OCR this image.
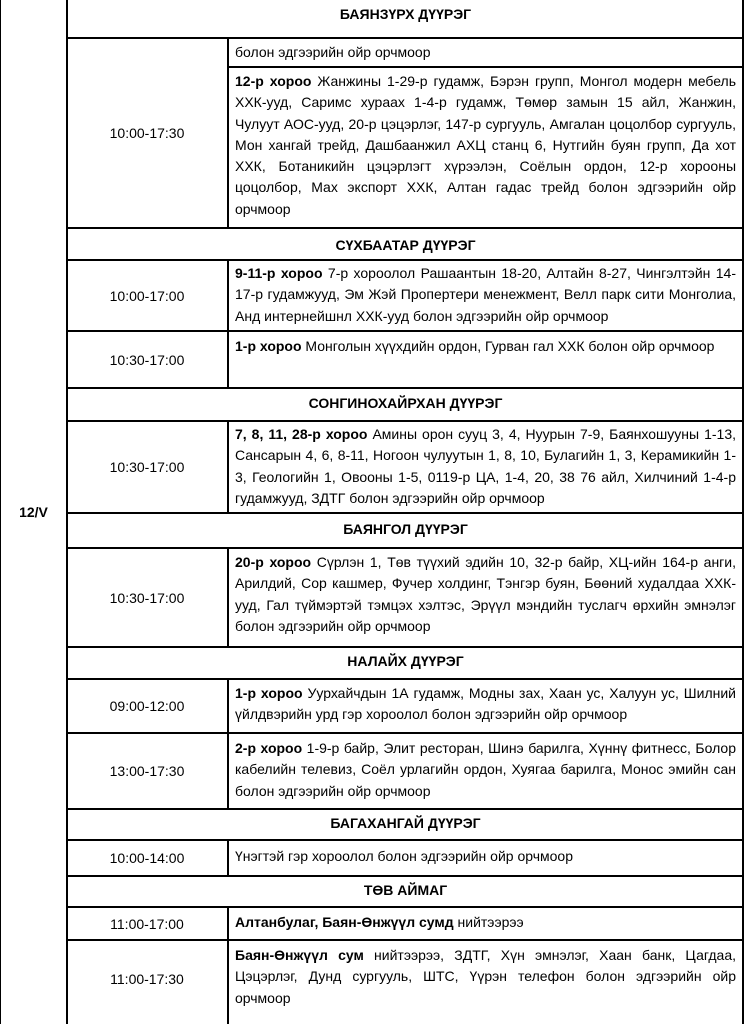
12/V
БАЯНЗҮРХ ДҮҮРЭГ
болон эдгээрийн ойр орчмоор
10:00-17:30
12-р хороо Жанжины 1-29-р гудамж, Бэрэн групп, Монгол модерн мебель ХХК-ууд, Саримс хураах 1-4-р гудамж, Төмөр замын 15 айл, Жанжин, Чулуут АОС-ууд, 20-р цэцэрлэг, 147-р сургууль, Амгалан цоцолбор сургууль, Мон хангай трейд, Дашбаанжил АХЦ станц 6, Нутгийн буян групп, Да хот ХХК, Ботаникийн цэцэрлэгт хүрээлэн, Соёлын ордон, 12-р хорооны цоцолбор, Мах экспорт ХХК, Алтан гадас трейд болон эдгээрийн ойр орчмоор
СҮХБААТАР ДҮҮРЭГ
10:00-17:00
9-11-р хороо 7-р хороолол Рашаантын 18-20, Алтайн 8-27, Чингэлтэйн 14-17-р гудамжууд, Эм Жэй Пропертери менежмент, Велл парк сити Монголиа, Анд интернейшнл ХХК-ууд болон эдгээрийн ойр орчмоор
10:30-17:00
1-р хороо Монголын хүүхдийн ордон, Гурван гал ХХК болон ойр орчмоор
СОНГИНОХАЙРХАН ДҮҮРЭГ
10:30-17:00
7, 8, 11, 28-р хороо Амины орон сууц 3, 4, Нуурын 7-9, Баянхошууны 1-13, Сансарын 4, 6, 8-11, Ногоон чулуутын 1, 8, 10, Булагийн 1, 3, Керамикийн 1-3, Геологийн 1, Овооны 1-5, 0119-р ЦА, 1-4, 20, 38 76 айл, Хилчиний 1-4-р гудамжууд, ЗДТГ болон эдгээрийн ойр орчмоор
БАЯНГОЛ ДҮҮРЭГ
10:30-17:00
20-р хороо Сүрлэн 1, Төв түүхий эдийн 10, 32-р байр, ХЦ-ийн 164-р анги, Арилдий, Сор кашмер, Фучер холдинг, Тэнгэр буян, Бөөний худалдаа ХХК-ууд, Гал түймэртэй тэмцэх хэлтэс, Эрүүл мэндийн туслагч өрхийн эмнэлэг болон эдгээрийн ойр орчмоор
НАЛАЙХ ДҮҮРЭГ
09:00-12:00
1-р хороо Уурхайчдын 1А гудамж, Модны зах, Хаан ус, Халуун ус, Шилний үйлдвэрийн урд гэр хороолол болон эдгээрийн ойр орчмоор
13:00-17:30
2-р хороо 1-9-р байр, Элит ресторан, Шинэ барилга, Хүннү фитнесс, Болор кабелийн телевиз, Соёл урлагийн ордон, Хуягаа барилга, Монос эмийн сан болон эдгээрийн ойр орчмоор
БАГАХАНГАЙ ДҮҮРЭГ
10:00-14:00	Үнэгтэй гэр хороолол болон эдгээрийн ойр орчмоор
ТӨВ АЙМАГ
11:00-17:00	Алтанбулаг, Баян-Өнжүүл сумд нийтээрээ
11:00-17:30
Баян-Өнжүүл сум нийтээрээ, ЗДТГ, Хүн эмнэлэг, Хаан банк, Цагдаа, Цэцэрлэг, Дунд сургууль, ШТС, Үүрэн телефон болон эдгээрийн ойр орчмоор
